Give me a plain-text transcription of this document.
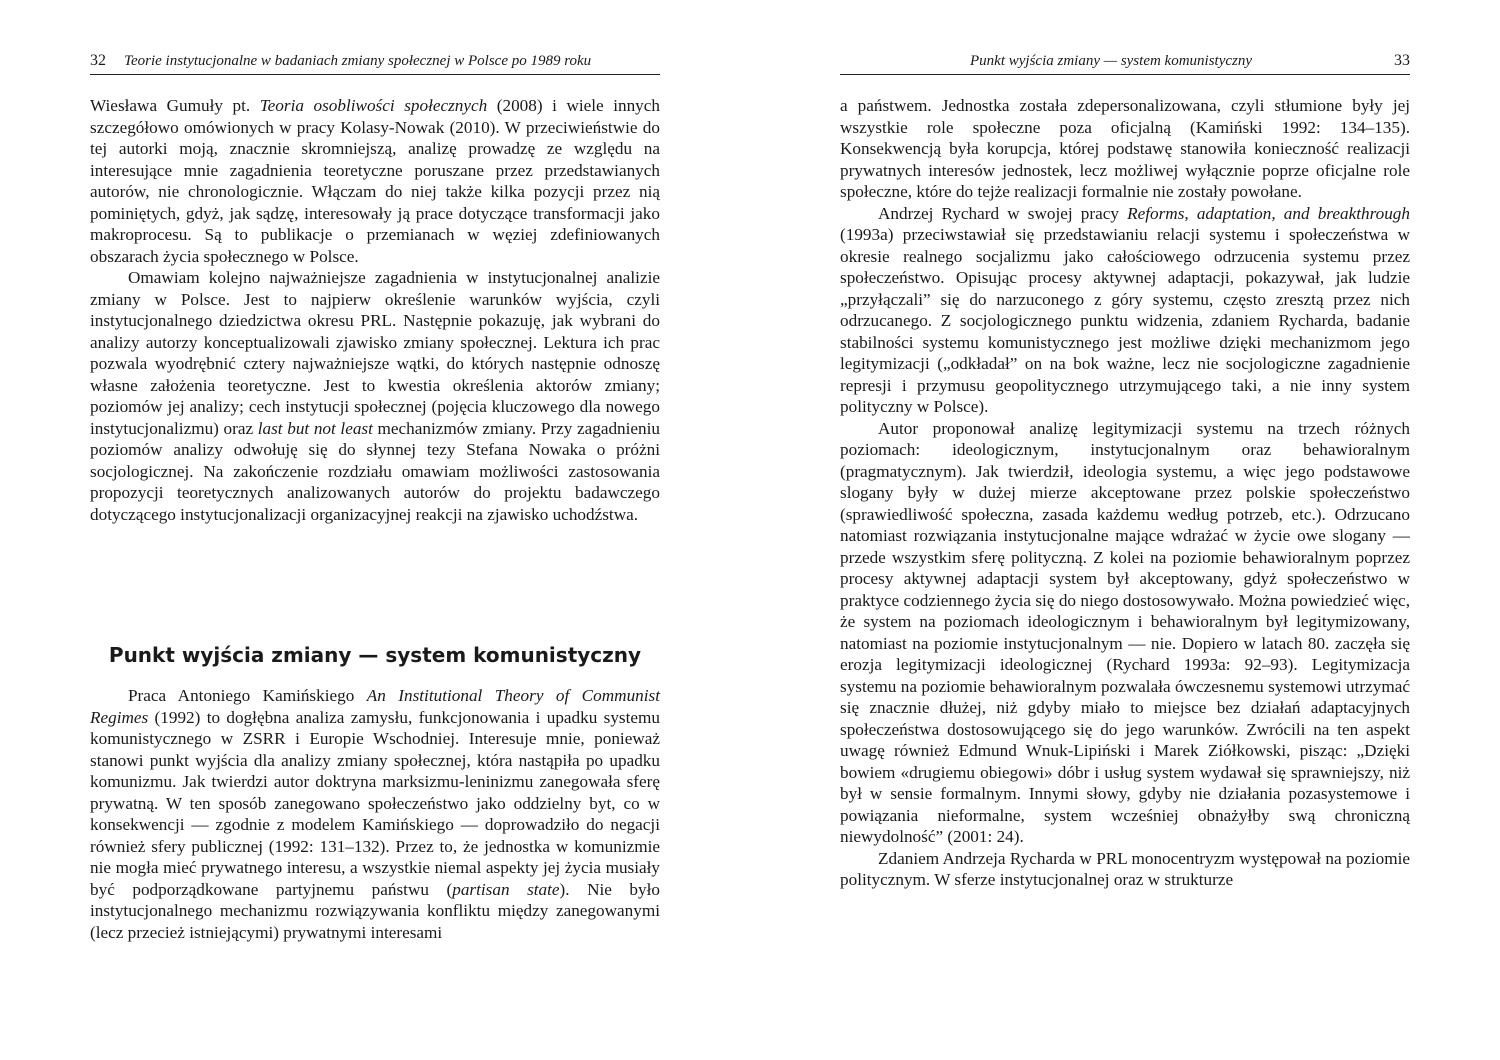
32 Teorie instytucjonalne w badaniach zmiany społecznej w Polsce po 1989 roku

Wiesława Gumuły pt. Teoria osobliwości społecznych (2008) i wiele innych szczegółowo omówionych w pracy Kolasy-Nowak (2010). W przeciwieństwie do tej autorki moją, znacznie skromniejszą, analizę prowadzę ze względu na interesujące mnie zagadnienia teoretyczne poruszane przez przedstawianych autorów, nie chronologicznie. Włączam do niej także kilka pozycji przez nią pominiętych, gdyż, jak sądzę, interesowały ją prace dotyczące transformacji jako makroprocesu. Są to publikacje o przemianach w węziej zdefiniowanych obszarach życia społecznego w Polsce.

Omawiam kolejno najważniejsze zagadnienia w instytucjonalnej analizie zmiany w Polsce. Jest to najpierw określenie warunków wyjścia, czyli instytucjonalnego dziedzictwa okresu PRL. Następnie pokazuję, jak wybrani do analizy autorzy konceptualizowali zjawisko zmiany społecznej. Lektura ich prac pozwala wyodrębnić cztery najważniejsze wątki, do których następnie odnoszę własne założenia teoretyczne. Jest to kwestia określenia aktorów zmiany; poziomów jej analizy; cech instytucji społecznej (pojęcia kluczowego dla nowego instytucjonalizmu) oraz last but not least mechanizmów zmiany. Przy zagadnieniu poziomów analizy odwołuję się do słynnej tezy Stefana Nowaka o próżni socjologicznej. Na zakończenie rozdziału omawiam możliwości zastosowania propozycji teoretycznych analizowanych autorów do projektu badawczego dotyczącego instytucjonalizacji organizacyjnej reakcji na zjawisko uchodźstwa.

Punkt wyjścia zmiany — system komunistyczny

Praca Antoniego Kamińskiego An Institutional Theory of Communist Regimes (1992) to dogłębna analiza zamysłu, funkcjonowania i upadku systemu komunistycznego w ZSRR i Europie Wschodniej. Interesuje mnie, ponieważ stanowi punkt wyjścia dla analizy zmiany społecznej, która nastąpiła po upadku komunizmu. Jak twierdzi autor doktryna marksizmu-leninizmu zanegowała sferę prywatną. W ten sposób zanegowano społeczeństwo jako oddzielny byt, co w konsekwencji — zgodnie z modelem Kamińskiego — doprowadziło do negacji również sfery publicznej (1992: 131–132). Przez to, że jednostka w komunizmie nie mogła mieć prywatnego interesu, a wszystkie niemal aspekty jej życia musiały być podporządkowane partyjnemu państwu (partisan state). Nie było instytucjonalnego mechanizmu rozwiązywania konfliktu między zanegowanymi (lecz przecież istniejącymi) prywatnymi interesami

Punkt wyjścia zmiany — system komunistyczny	33

a państwem. Jednostka została zdepersonalizowana, czyli stłumione były jej wszystkie role społeczne poza oficjalną (Kamiński 1992: 134–135). Konsekwencją była korupcja, której podstawę stanowiła konieczność realizacji prywatnych interesów jednostek, lecz możliwej wyłącznie poprze oficjalne role społeczne, które do tejże realizacji formalnie nie zostały powołane.

Andrzej Rychard w swojej pracy Reforms, adaptation, and breakthrough (1993a) przeciwstawiał się przedstawianiu relacji systemu i społeczeństwa w okresie realnego socjalizmu jako całościowego odrzucenia systemu przez społeczeństwo. Opisując procesy aktywnej adaptacji, pokazywał, jak ludzie „przyłączali” się do narzuconego z góry systemu, często zresztą przez nich odrzucanego. Z socjologicznego punktu widzenia, zdaniem Rycharda, badanie stabilności systemu komunistycznego jest możliwe dzięki mechanizmom jego legitymizacji („odkładał” on na bok ważne, lecz nie socjologiczne zagadnienie represji i przymusu geopolitycznego utrzymującego taki, a nie inny system polityczny w Polsce).

Autor proponował analizę legitymizacji systemu na trzech różnych poziomach: ideologicznym, instytucjonalnym oraz behawioralnym (pragmatycznym). Jak twierdził, ideologia systemu, a więc jego podstawowe slogany były w dużej mierze akceptowane przez polskie społeczeństwo (sprawiedliwość społeczna, zasada każdemu według potrzeb, etc.). Odrzucano natomiast rozwiązania instytucjonalne mające wdrażać w życie owe slogany — przede wszystkim sferę polityczną. Z kolei na poziomie behawioralnym poprzez procesy aktywnej adaptacji system był akceptowany, gdyż społeczeństwo w praktyce codziennego życia się do niego dostosowywało. Można powiedzieć więc, że system na poziomach ideologicznym i behawioralnym był legitymizowany, natomiast na poziomie instytucjonalnym — nie. Dopiero w latach 80. zaczęła się erozja legitymizacji ideologicznej (Rychard 1993a: 92–93). Legitymizacja systemu na poziomie behawioralnym pozwalała ówczesnemu systemowi utrzymać się znacznie dłużej, niż gdyby miało to miejsce bez działań adaptacyjnych społeczeństwa dostosowującego się do jego warunków. Zwrócili na ten aspekt uwagę również Edmund Wnuk-Lipiński i Marek Ziółkowski, pisząc: „Dzięki bowiem «drugiemu obiegowi» dóbr i usług system wydawał się sprawniejszy, niż był w sensie formalnym. Innymi słowy, gdyby nie działania pozasystemowe i powiązania nieformalne, system wcześniej obnażyłby swą chroniczną niewydolność” (2001: 24).

Zdaniem Andrzeja Rycharda w PRL monocentryzm występował na poziomie politycznym. W sferze instytucjonalnej oraz w strukturze
